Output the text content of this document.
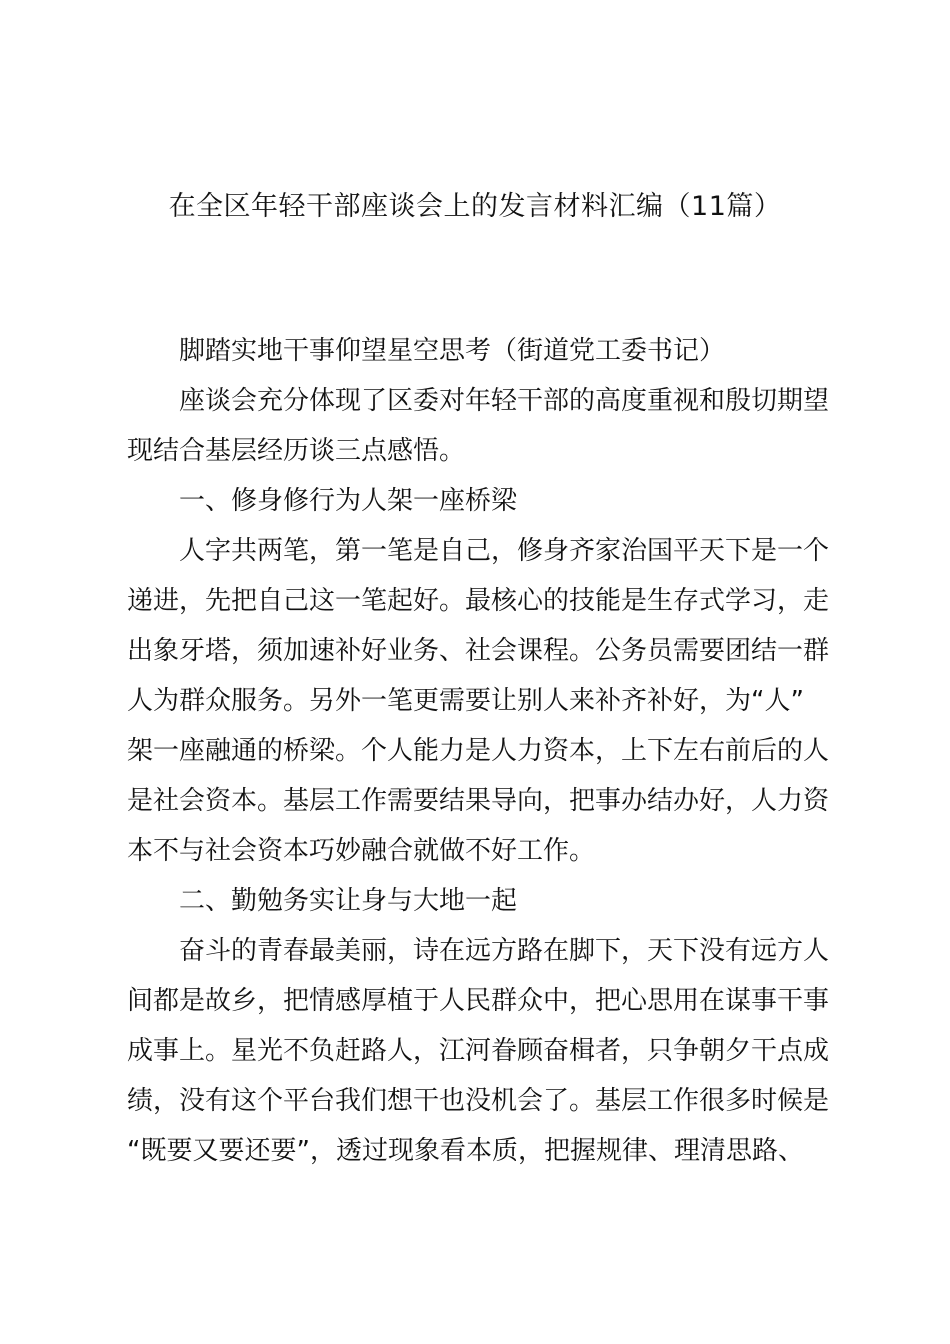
在全区年轻干部座谈会上的发言材料汇编（11篇）
脚踏实地干事仰望星空思考（街道党工委书记）
座谈会充分体现了区委对年轻干部的高度重视和殷切期望
现结合基层经历谈三点感悟。
一、修身修行为人架一座桥梁
人字共两笔，第一笔是自己，修身齐家治国平天下是一个
递进，先把自己这一笔起好。最核心的技能是生存式学习，走
出象牙塔，须加速补好业务、社会课程。公务员需要团结一群
人为群众服务。另外一笔更需要让别人来补齐补好，为“人”
架一座融通的桥梁。个人能力是人力资本，上下左右前后的人
是社会资本。基层工作需要结果导向，把事办结办好，人力资
本不与社会资本巧妙融合就做不好工作。
二、勤勉务实让身与大地一起
奋斗的青春最美丽，诗在远方路在脚下，天下没有远方人
间都是故乡，把情感厚植于人民群众中，把心思用在谋事干事
成事上。星光不负赶路人，江河眷顾奋楫者，只争朝夕干点成
绩，没有这个平台我们想干也没机会了。基层工作很多时候是
“既要又要还要”，透过现象看本质，把握规律、理清思路、
